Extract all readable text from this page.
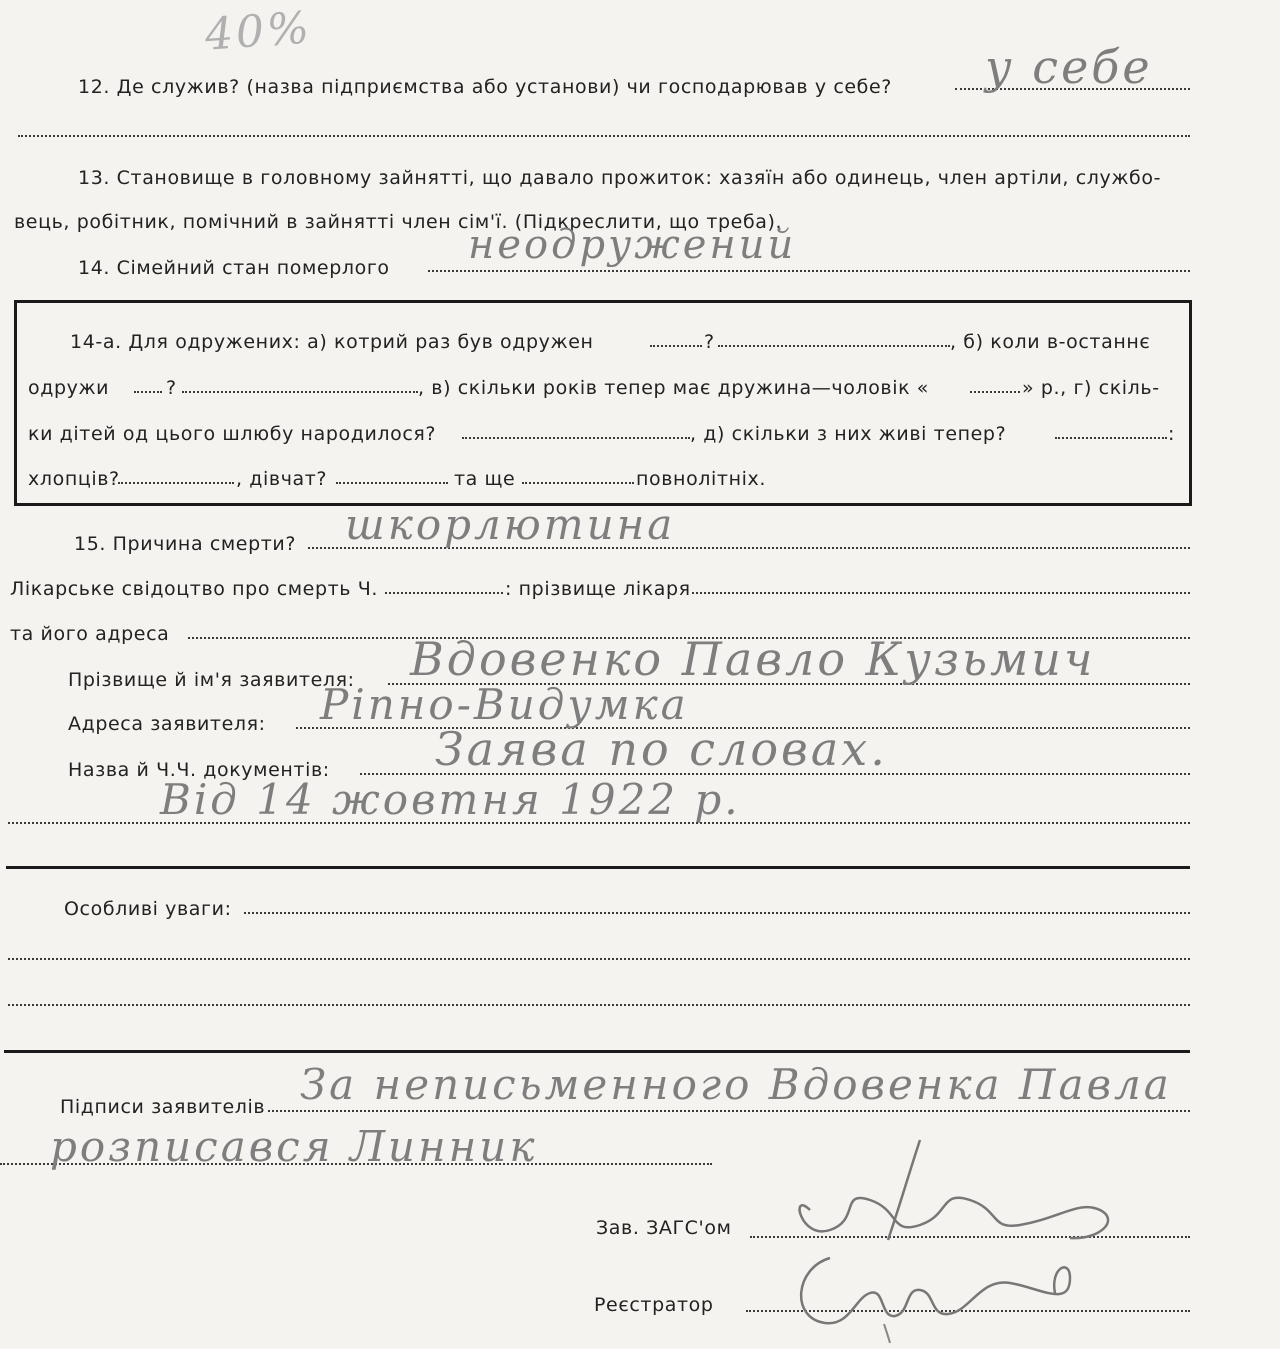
40%
12. Де служив? (назва підприємства або установи) чи господарював у себе? у себе
13. Становище в головному зайнятті, що давало прожиток: хазяїн або одинець, член артіли, службо-
вець, робітник, помічний в зайнятті член сім'ї. (Підкреслити, що треба).
14. Сімейний стан померлого неодружений
14-а. Для одружених: а) котрий раз був одружен	?	, б) коли в-останнє
одружи	?	, в) скільки років тепер має дружина—чоловік «	» р., г) скіль-
ки дітей од цього шлюбу народилося?	, д) скільки з них живі тепер?	:
хлопців?	, дівчат?	та ще	повнолітніх.
15. Причина смерти? шкорлютина
Лікарське свідоцтво про смерть Ч.	: прізвище лікаря
та його адреса
Прізвище й ім'я заявителя: Вдовенко Павло Кузьмич
Адреса заявителя: Ріпно-Видумка
Назва й Ч.Ч. документів: Заява по словах.
Від 14 жовтня 1922 р.
Особливі уваги:
Підписи заявителів За неписьменного Вдовенка Павла
розписався Линник
Зав. ЗАГС'ом
Реєстратор
